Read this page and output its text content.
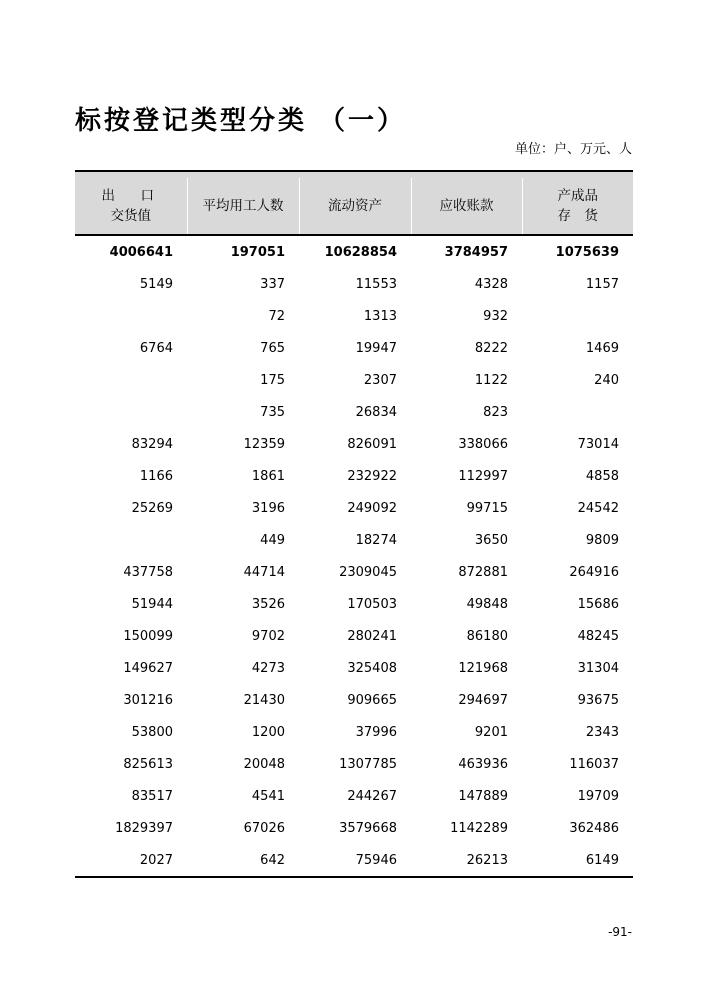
标按登记类型分类 （一）
单位：户、万元、人

出　口
交货值	平均用工人数	流动资产	应收账款	产成品
存　货

4006641	197051	10628854	3784957	1075639
5149	337	11553	4328	1157
	72	1313	932	
6764	765	19947	8222	1469
	175	2307	1122	240
	735	26834	823	
83294	12359	826091	338066	73014
1166	1861	232922	112997	4858
25269	3196	249092	99715	24542
	449	18274	3650	9809
437758	44714	2309045	872881	264916
51944	3526	170503	49848	15686
150099	9702	280241	86180	48245
149627	4273	325408	121968	31304
301216	21430	909665	294697	93675
53800	1200	37996	9201	2343
825613	20048	1307785	463936	116037
83517	4541	244267	147889	19709
1829397	67026	3579668	1142289	362486
2027	642	75946	26213	6149
-91-
